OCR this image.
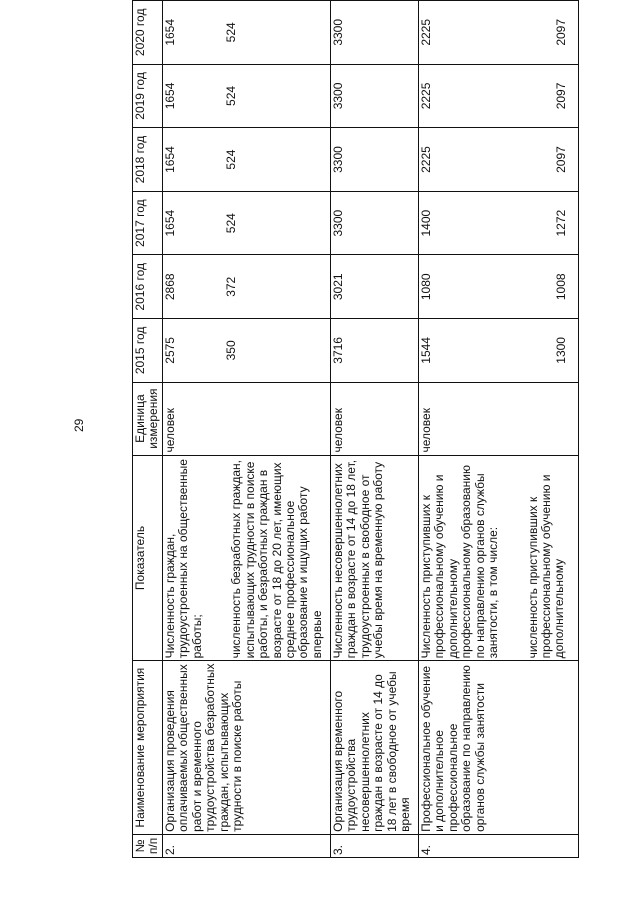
29
№ п/п	Наименование мероприятия	Показатель	Единица измерения	2015 год	2016 год	2017 год	2018 год	2019 год	2020 год
2.	Организация проведения оплачиваемых общественных работ и временного трудоустройства безработных граждан, испытывающих трудности в поиске работы	Численность граждан, трудоустроенных на общественные работы; численность безработных граждан, испытывающих трудности в поиске работы, и безработных граждан в возрасте от 18 до 20 лет, имеющих среднее профессиональное образование и ищущих работу впервые	человек	2575 350	2868 372	1654 524	1654 524	1654 524	1654 524

3.	Организация временного трудоустройства несовершеннолетних граждан в возрасте от 14 до 18 лет в свободное от учебы время	Численность несовершеннолетних граждан в возрасте от 14 до 18 лет, трудоустроенных в свободное от учебы время на временную работу	человек	3716	3021	3300	3300	3300	3300
4.	Профессиональное обучение и дополнительное профессиональное образование по направлению органов службы занятости	Численность приступивших к профессиональному обучению и дополнительному профессиональному образованию по направлению органов службы занятости, в том числе: численность приступивших к профессиональному обучению и дополнительному	человек	1544 1300	1080 1008	1400 1272	2225 2097	2225 2097	2225 2097
